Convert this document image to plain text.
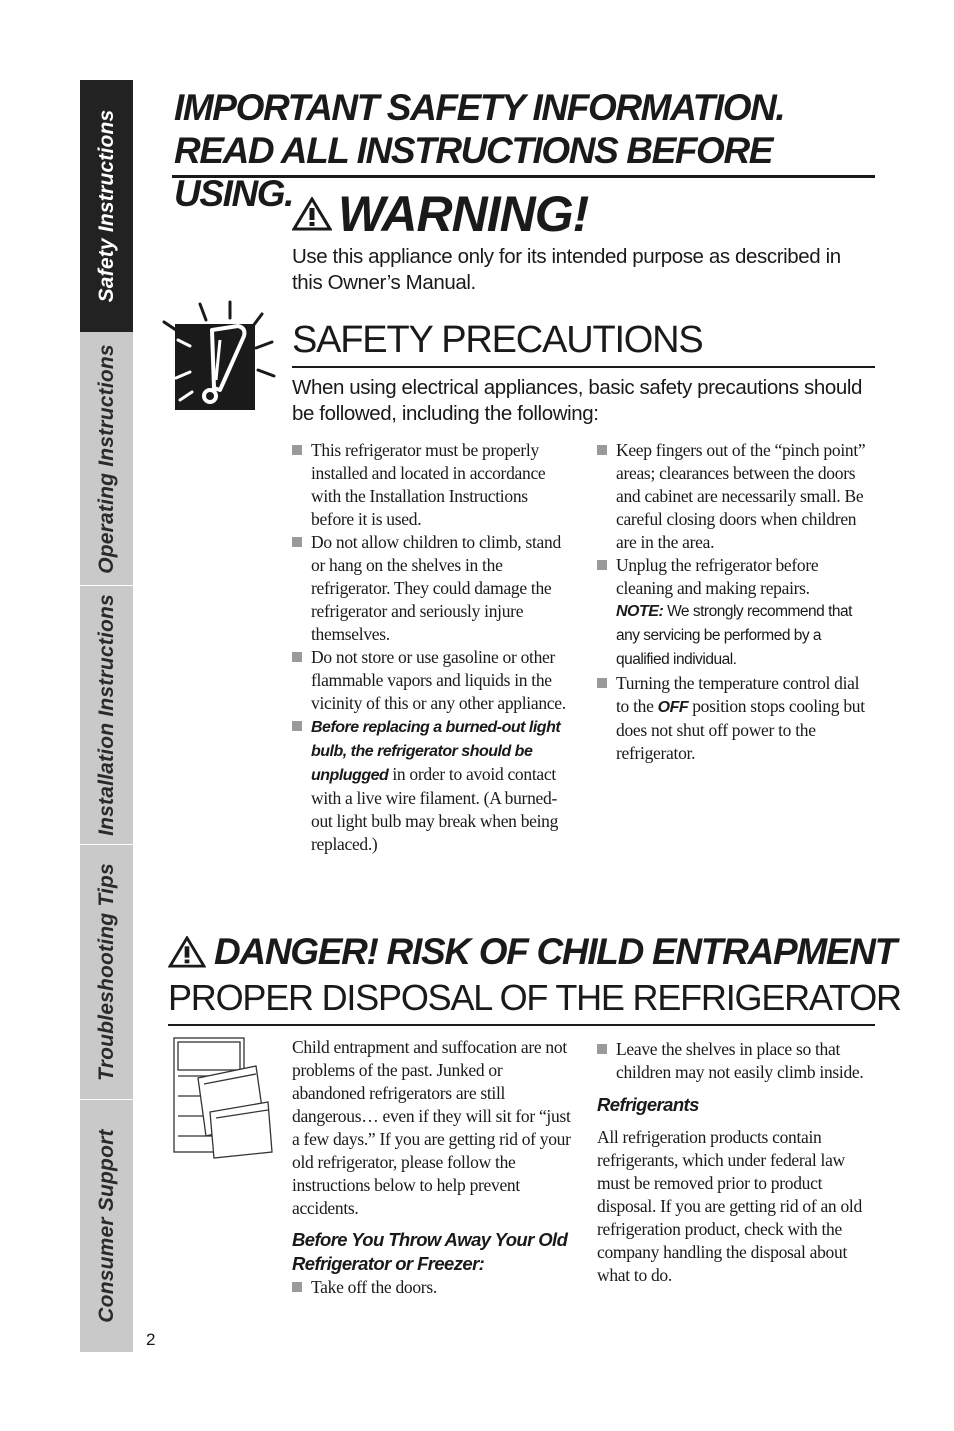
Safety Instructions
Operating Instructions
Installation Instructions
Troubleshooting Tips
Consumer Support
IMPORTANT SAFETY INFORMATION.
READ ALL INSTRUCTIONS BEFORE USING. WARNING!
Use this appliance only for its intended purpose as described in this Owner’s Manual.
SAFETY PRECAUTIONS
When using electrical appliances, basic safety precautions should be followed, including the following:

This refrigerator must be properly installed and located in accordance with the Installation Instructions before it is used.

Do not allow children to climb, stand or hang on the shelves in the refrigerator. They could damage the refrigerator and seriously injure themselves.

Do not store or use gasoline or other flammable vapors and liquids in the vicinity of this or any other appliance.

Before replacing a burned-out light bulb, the refrigerator should be unplugged in order to avoid contact with a live wire filament. (A burned-out light bulb may break when being replaced.)

Keep fingers out of the “pinch point” areas; clearances between the doors and cabinet are necessarily small. Be careful closing doors when children are in the area.

Unplug the refrigerator before cleaning and making repairs.

NOTE: We strongly recommend that any servicing be performed by a qualified individual.

Turning the temperature control dial to the OFF position stops cooling but does not shut off power to the refrigerator.

DANGER! RISK OF CHILD ENTRAPMENT
PROPER DISPOSAL OF THE REFRIGERATOR

Child entrapment and suffocation are not problems of the past. Junked or abandoned refrigerators are still dangerous… even if they will sit for “just a few days.” If you are getting rid of your old refrigerator, please follow the instructions below to help prevent accidents.

Before You Throw Away Your Old Refrigerator or Freezer:

Take off the doors.

Leave the shelves in place so that children may not easily climb inside.

Refrigerants

All refrigeration products contain refrigerants, which under federal law must be removed prior to product disposal. If you are getting rid of an old refrigeration product, check with the company handling the disposal about what to do.

2
